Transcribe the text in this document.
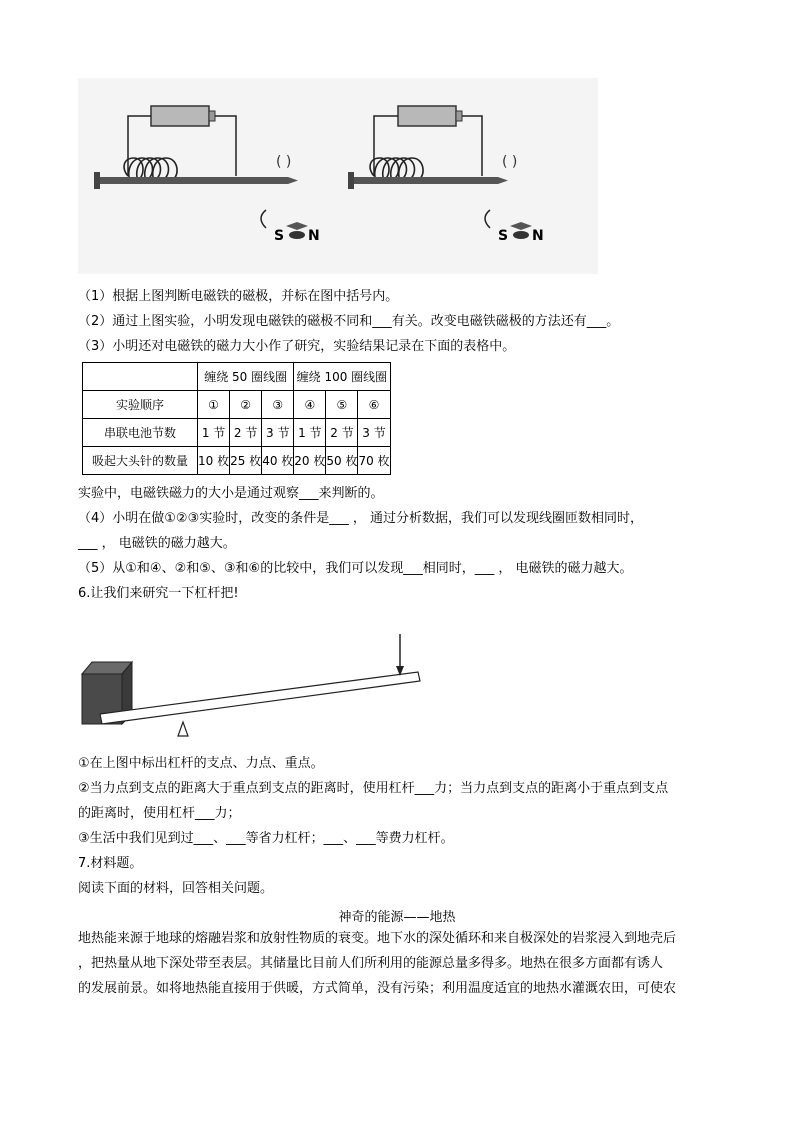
( )
S N
( )
S N
（1）根据上图判断电磁铁的磁极，并标在图中括号内。
（2）通过上图实验，小明发现电磁铁的磁极不同和___有关。改变电磁铁磁极的方法还有___。
（3）小明还对电磁铁的磁力大小作了研究，实验结果记录在下面的表格中。
	缠绕 50 圈线圈			缠绕 100 圈线圈		
实验顺序	①	②	③	④	⑤	⑥
串联电池节数	1 节	2 节	3 节	1 节	2 节	3 节
吸起大头针的数量	10 枚	25 枚	40 枚	20 枚	50 枚	70 枚
实验中，电磁铁磁力的大小是通过观察___来判断的。
（4）小明在做①②③实验时，改变的条件是___ ， 通过分析数据，我们可以发现线圈匝数相同时，
___ ， 电磁铁的磁力越大。
（5）从①和④、②和⑤、③和⑥的比较中，我们可以发现___相同时，___ ， 电磁铁的磁力越大。
6.让我们来研究一下杠杆把!
①在上图中标出杠杆的支点、力点、重点。
②当力点到支点的距离大于重点到支点的距离时，使用杠杆___力；当力点到支点的距离小于重点到支点
的距离时，使用杠杆___力；
③生活中我们见到过___、___等省力杠杆；___、___等费力杠杆。
7.材料题。
阅读下面的材料，回答相关问题。
神奇的能源——地热
地热能来源于地球的熔融岩浆和放射性物质的衰变。地下水的深处循环和来自极深处的岩浆浸入到地壳后
，把热量从地下深处带至表层。其储量比目前人们所利用的能源总量多得多。地热在很多方面都有诱人
的发展前景。如将地热能直接用于供暖，方式简单，没有污染；利用温度适宜的地热水灌溉农田，可使农
